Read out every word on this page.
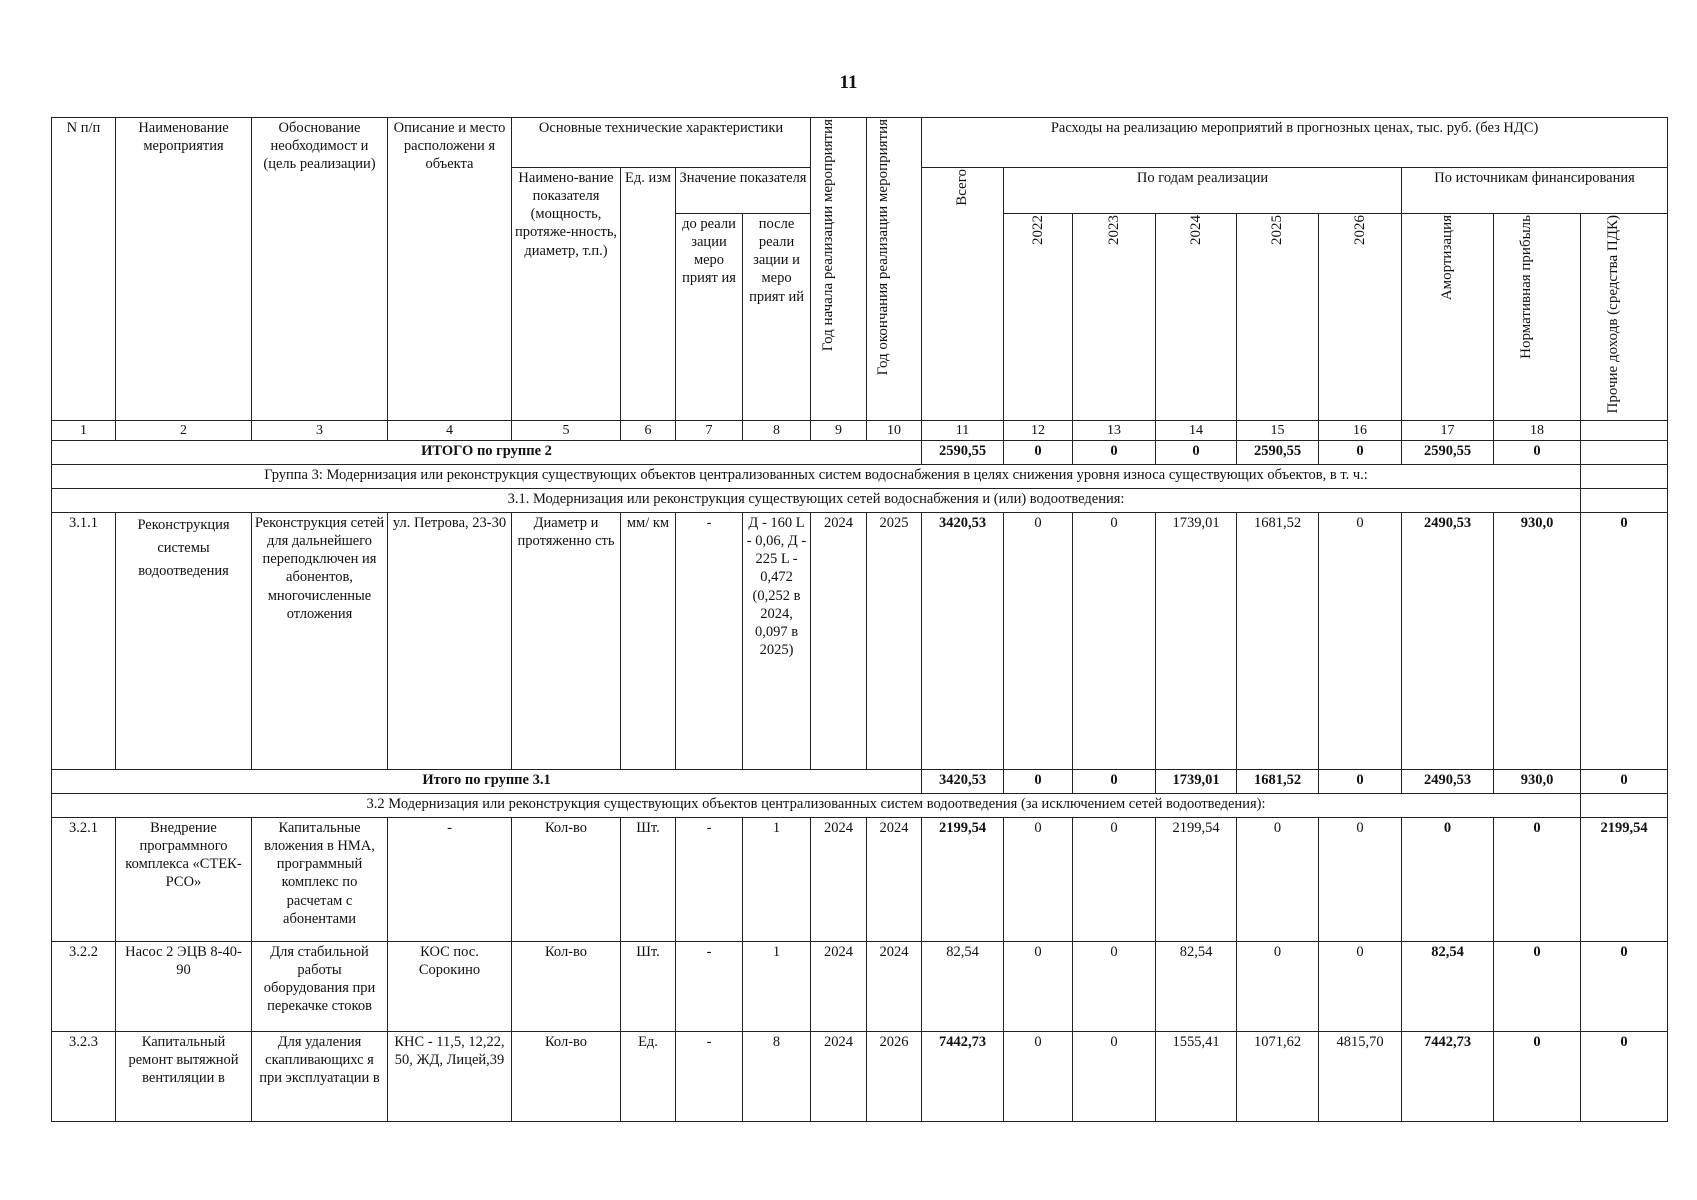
11
N п/п	Наименование мероприятия	Обоснование необходимост и (цель реализации)	Описание и место расположени я объекта	Основные технические характеристики				Год начала реализации мероприятия	Год окончания реализации мероприятия	Расходы на реализацию мероприятий в прогнозных ценах, тыс. руб. (без НДС)								
				Наимено-вание показателя (мощность, протяже-нность, диаметр, т.п.)	Ед. изм	Значение показателя				Всего	По годам реализации					По источникам финансирования		
						до реали зации меро прият ия	после реали зации и меро прият ий				2022	2023	2024	2025	2026	Амортизация	Нормативная прибыль	Прочие доходв (средства ПДК)
1	2	3	4	5	6	7	8	9	10	11	12	13	14	15	16	17	18	
ИТОГО по группе 2										2590,55	0	0	0	2590,55	0	2590,55	0	
Группа 3: Модернизация или реконструкция существующих объектов централизованных систем водоснабжения в целях снижения уровня износа существующих объектов, в т. ч.:																		
3.1. Модернизация или реконструкция существующих сетей водоснабжения и (или) водоотведения:																		
3.1.1	Реконструкция системы водоотведения	Реконструкция сетей для дальнейшего переподключен ия абонентов, многочисленные отложения	ул. Петрова, 23-30	Диаметр и протяженно сть	мм/ км	-	Д - 160 L - 0,06, Д - 225 L - 0,472 (0,252 в 2024, 0,097 в 2025)	2024	2025	3420,53	0	0	1739,01	1681,52	0	2490,53	930,0	0
Итого по группе 3.1										3420,53	0	0	1739,01	1681,52	0	2490,53	930,0	0
3.2 Модернизация или реконструкция существующих объектов централизованных систем водоотведения (за исключением сетей водоотведения):																		
3.2.1	Внедрение программного комплекса «СТЕК-РСО»	Капитальные вложения в НМА, программный комплекс по расчетам с абонентами	-	Кол-во	Шт.	-	1	2024	2024	2199,54	0	0	2199,54	0	0	0	0	2199,54
3.2.2	Насос 2 ЭЦВ 8-40-90	Для стабильной работы оборудования при перекачке стоков	КОС пос. Сорокино	Кол-во	Шт.	-	1	2024	2024	82,54	0	0	82,54	0	0	82,54	0	0
3.2.3	Капитальный ремонт вытяжной вентиляции в	Для удаления скапливающихс я при эксплуатации в	КНС - 11,5, 12,22, 50, ЖД, Лицей,39	Кол-во	Ед.	-	8	2024	2026	7442,73	0	0	1555,41	1071,62	4815,70	7442,73	0	0
